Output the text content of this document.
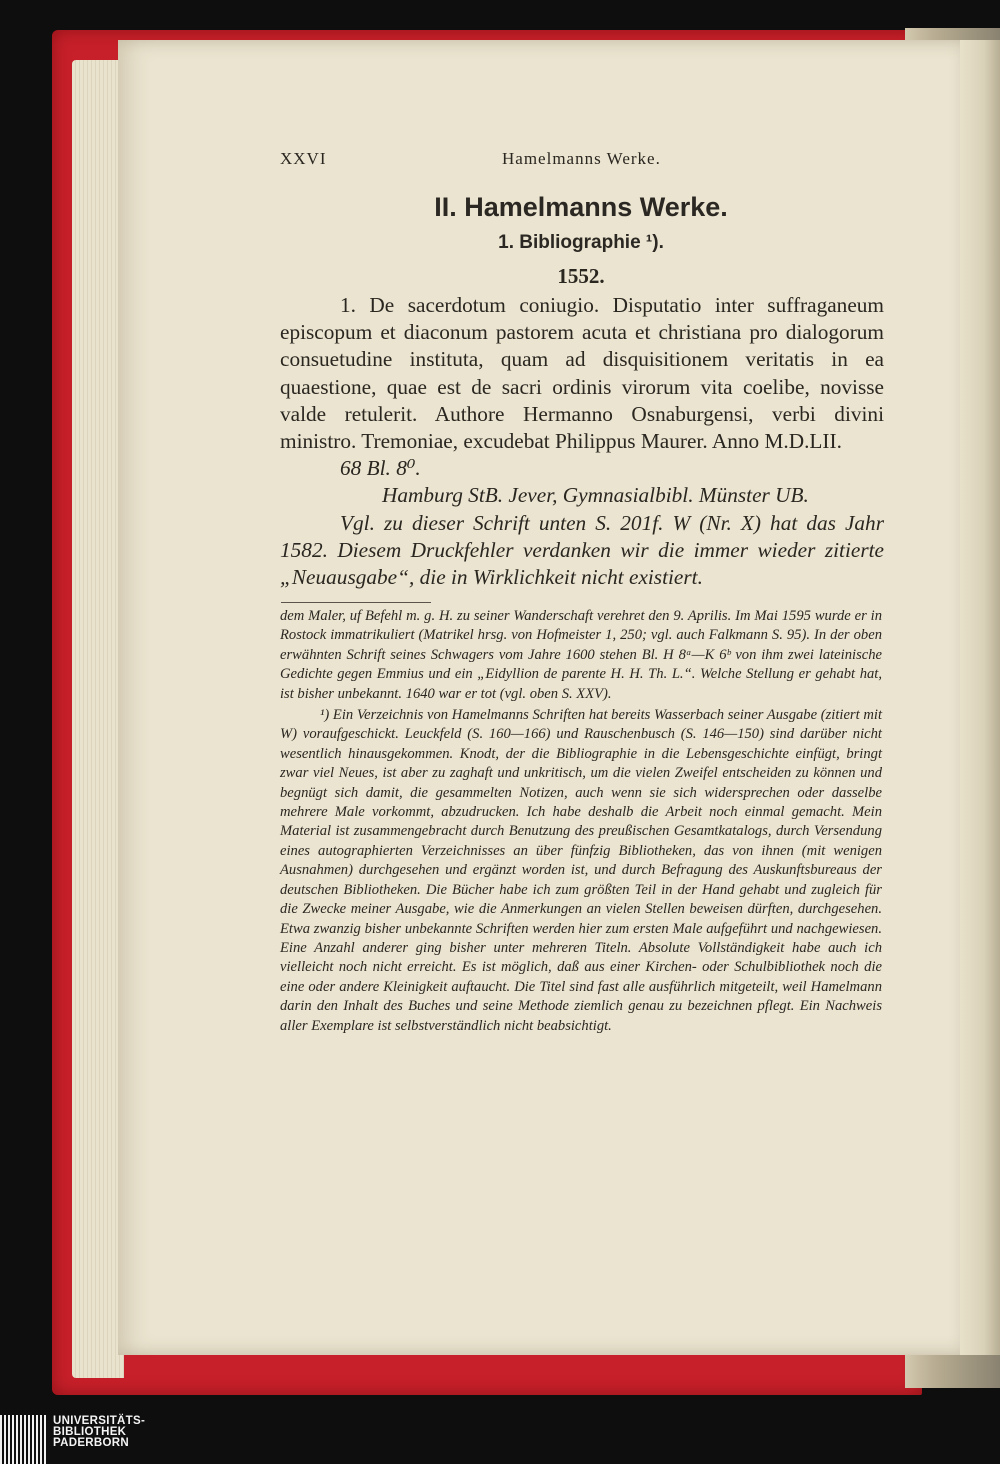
XXVI	Hamelmanns Werke.
II. Hamelmanns Werke.
1. Bibliographie ¹).
1552.

1. De sacerdotum coniugio. Disputatio inter suffraganeum episcopum et diaconum pastorem acuta et christiana pro dialogorum consuetudine instituta, quam ad disquisitionem veritatis in ea quaestione, quae est de sacri ordinis virorum vita coelibe, novisse valde retulerit. Authore Hermanno Osnaburgensi, verbi divini ministro. Tremoniae, excudebat Philippus Maurer. Anno M.D.LII.

68 Bl. 8⁰.

Hamburg StB. Jever, Gymnasialbibl. Münster UB.

Vgl. zu dieser Schrift unten S. 201f. W (Nr. X) hat das Jahr 1582. Diesem Druckfehler verdanken wir die immer wieder zitierte „Neuausgabe“, die in Wirklichkeit nicht existiert.

dem Maler, uf Befehl m. g. H. zu seiner Wanderschaft verehret den 9. Aprilis. Im Mai 1595 wurde er in Rostock immatrikuliert (Matrikel hrsg. von Hofmeister 1, 250; vgl. auch Falkmann S. 95). In der oben erwähnten Schrift seines Schwagers vom Jahre 1600 stehen Bl. H 8ᵃ—K 6ᵇ von ihm zwei lateinische Gedichte gegen Emmius und ein „Eidyllion de parente H. H. Th. L.“. Welche Stellung er gehabt hat, ist bisher unbekannt. 1640 war er tot (vgl. oben S. XXV).

¹) Ein Verzeichnis von Hamelmanns Schriften hat bereits Wasserbach seiner Ausgabe (zitiert mit W) voraufgeschickt. Leuckfeld (S. 160—166) und Rauschenbusch (S. 146—150) sind darüber nicht wesentlich hinausgekommen. Knodt, der die Bibliographie in die Lebensgeschichte einfügt, bringt zwar viel Neues, ist aber zu zaghaft und unkritisch, um die vielen Zweifel entscheiden zu können und begnügt sich damit, die gesammelten Notizen, auch wenn sie sich widersprechen oder dasselbe mehrere Male vorkommt, abzudrucken. Ich habe deshalb die Arbeit noch einmal gemacht. Mein Material ist zusammengebracht durch Benutzung des preußischen Gesamtkatalogs, durch Versendung eines autographierten Verzeichnisses an über fünfzig Bibliotheken, das von ihnen (mit wenigen Ausnahmen) durchgesehen und ergänzt worden ist, und durch Befragung des Auskunftsbureaus der deutschen Bibliotheken. Die Bücher habe ich zum größten Teil in der Hand gehabt und zugleich für die Zwecke meiner Ausgabe, wie die Anmerkungen an vielen Stellen beweisen dürften, durchgesehen. Etwa zwanzig bisher unbekannte Schriften werden hier zum ersten Male aufgeführt und nachgewiesen. Eine Anzahl anderer ging bisher unter mehreren Titeln. Absolute Vollständigkeit habe auch ich vielleicht noch nicht erreicht. Es ist möglich, daß aus einer Kirchen- oder Schulbibliothek noch die eine oder andere Kleinigkeit auftaucht. Die Titel sind fast alle ausführlich mitgeteilt, weil Hamelmann darin den Inhalt des Buches und seine Methode ziemlich genau zu bezeichnen pflegt. Ein Nachweis aller Exemplare ist selbstverständlich nicht beabsichtigt.

UNIVERSITÄTS-
BIBLIOTHEK
PADERBORN
